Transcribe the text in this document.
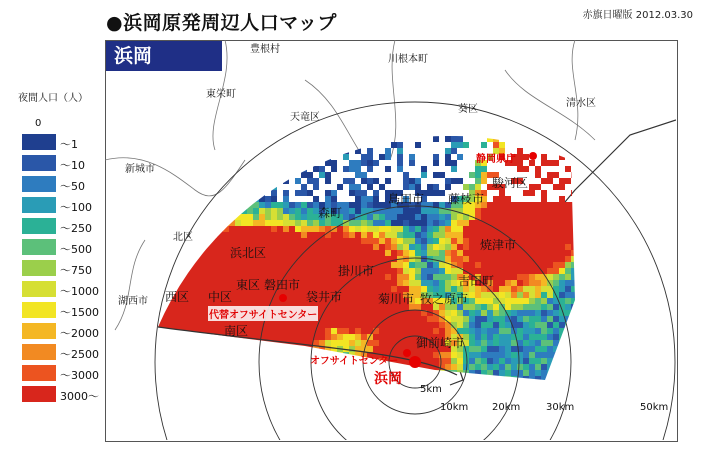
●浜岡原発周辺人口マップ	赤旗日曜版 2012.03.30
夜間人口（人）
0
～1
～10
～50
～100
～250
～500
～750
～1000
～1500
～2000
～2500
～3000
3000～
浜岡	豊根村
川根本町
東栄町
天竜区
葵区
清水区
新城市
静岡県庁
駿河区
島田市 藤枝市
森町
北区
浜北区
焼津市
掛川市
吉田町
湖西市 西区 中区
東区 磐田市
袋井市	菊川市 牧之原市
代替オフサイトセンター
南区
御前崎市
オフサイトセンター
浜岡
5km
10km 20km	30km	50km
